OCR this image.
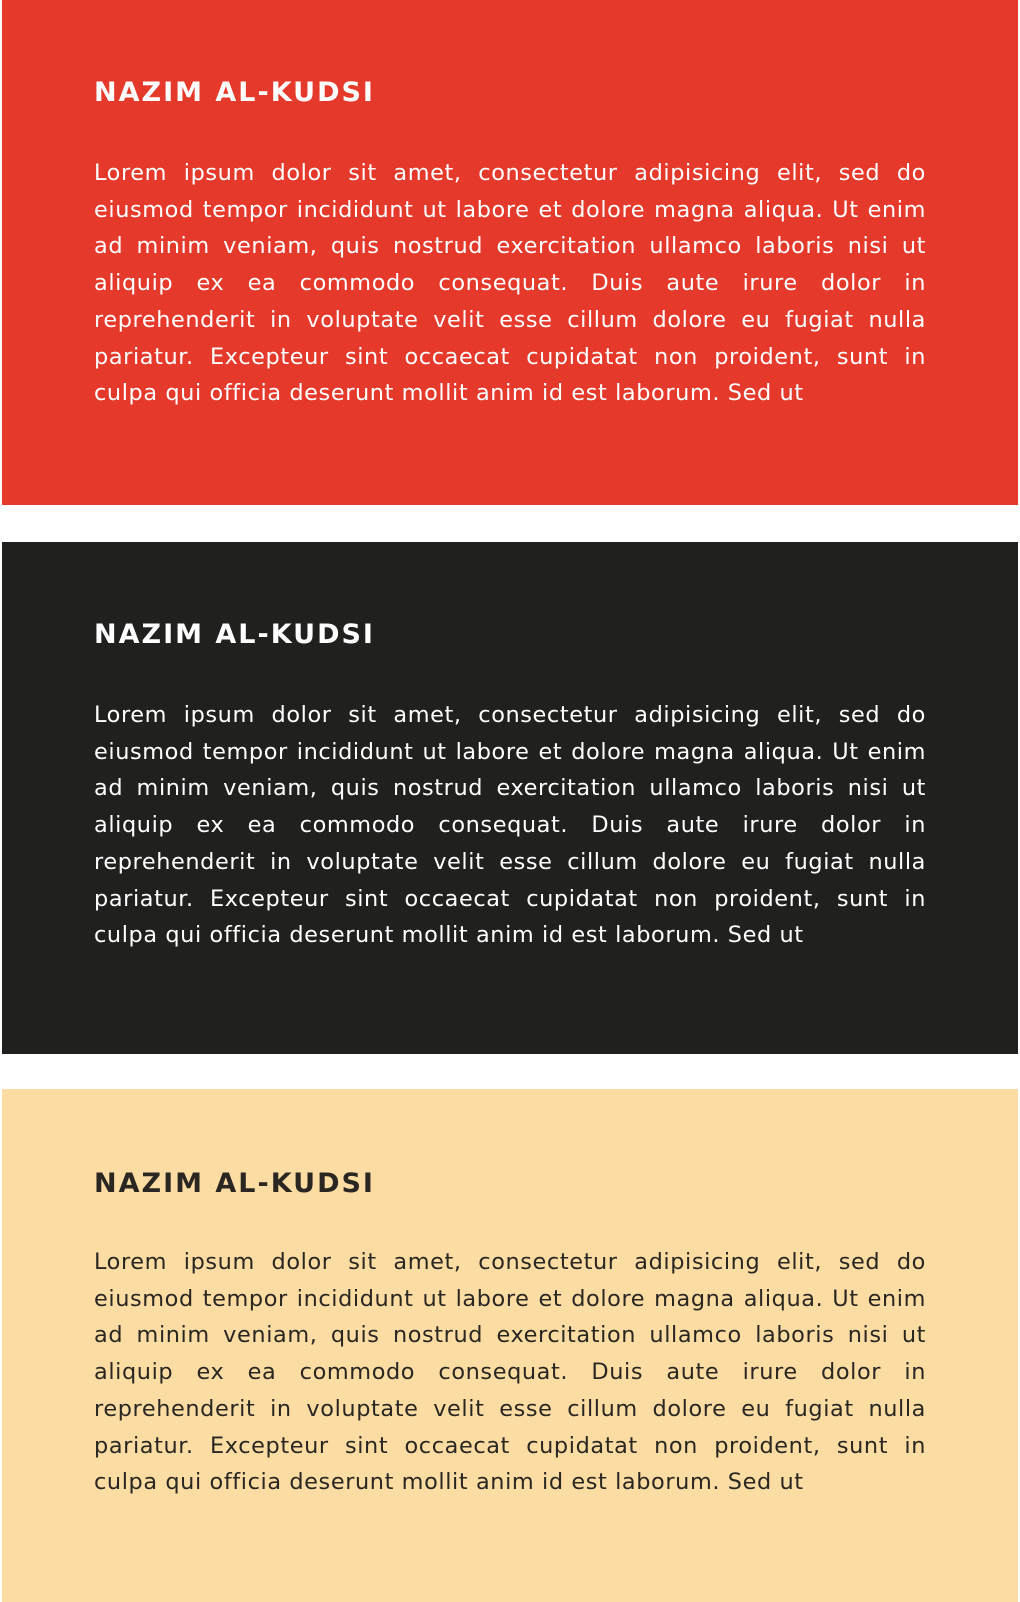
NAZIM AL-KUDSI

Lorem ipsum dolor sit amet, consectetur adipisicing elit, sed do eiusmod tempor incididunt ut labore et dolore magna aliqua. Ut enim ad minim veniam, quis nostrud exercitation ullamco laboris nisi ut aliquip ex ea commodo consequat. Duis aute irure dolor in reprehenderit in voluptate velit esse cillum dolore eu fugiat nulla pariatur. Excepteur sint occaecat cupidatat non proident, sunt in culpa qui officia deserunt mollit anim id est laborum. Sed ut

NAZIM AL-KUDSI

Lorem ipsum dolor sit amet, consectetur adipisicing elit, sed do eiusmod tempor incididunt ut labore et dolore magna aliqua. Ut enim ad minim veniam, quis nostrud exercitation ullamco laboris nisi ut aliquip ex ea commodo consequat. Duis aute irure dolor in reprehenderit in voluptate velit esse cillum dolore eu fugiat nulla pariatur. Excepteur sint occaecat cupidatat non proident, sunt in culpa qui officia deserunt mollit anim id est laborum. Sed ut

NAZIM AL-KUDSI

Lorem ipsum dolor sit amet, consectetur adipisicing elit, sed do eiusmod tempor incididunt ut labore et dolore magna aliqua. Ut enim ad minim veniam, quis nostrud exercitation ullamco laboris nisi ut aliquip ex ea commodo consequat. Duis aute irure dolor in reprehenderit in voluptate velit esse cillum dolore eu fugiat nulla pariatur. Excepteur sint occaecat cupidatat non proident, sunt in culpa qui officia deserunt mollit anim id est laborum. Sed ut
